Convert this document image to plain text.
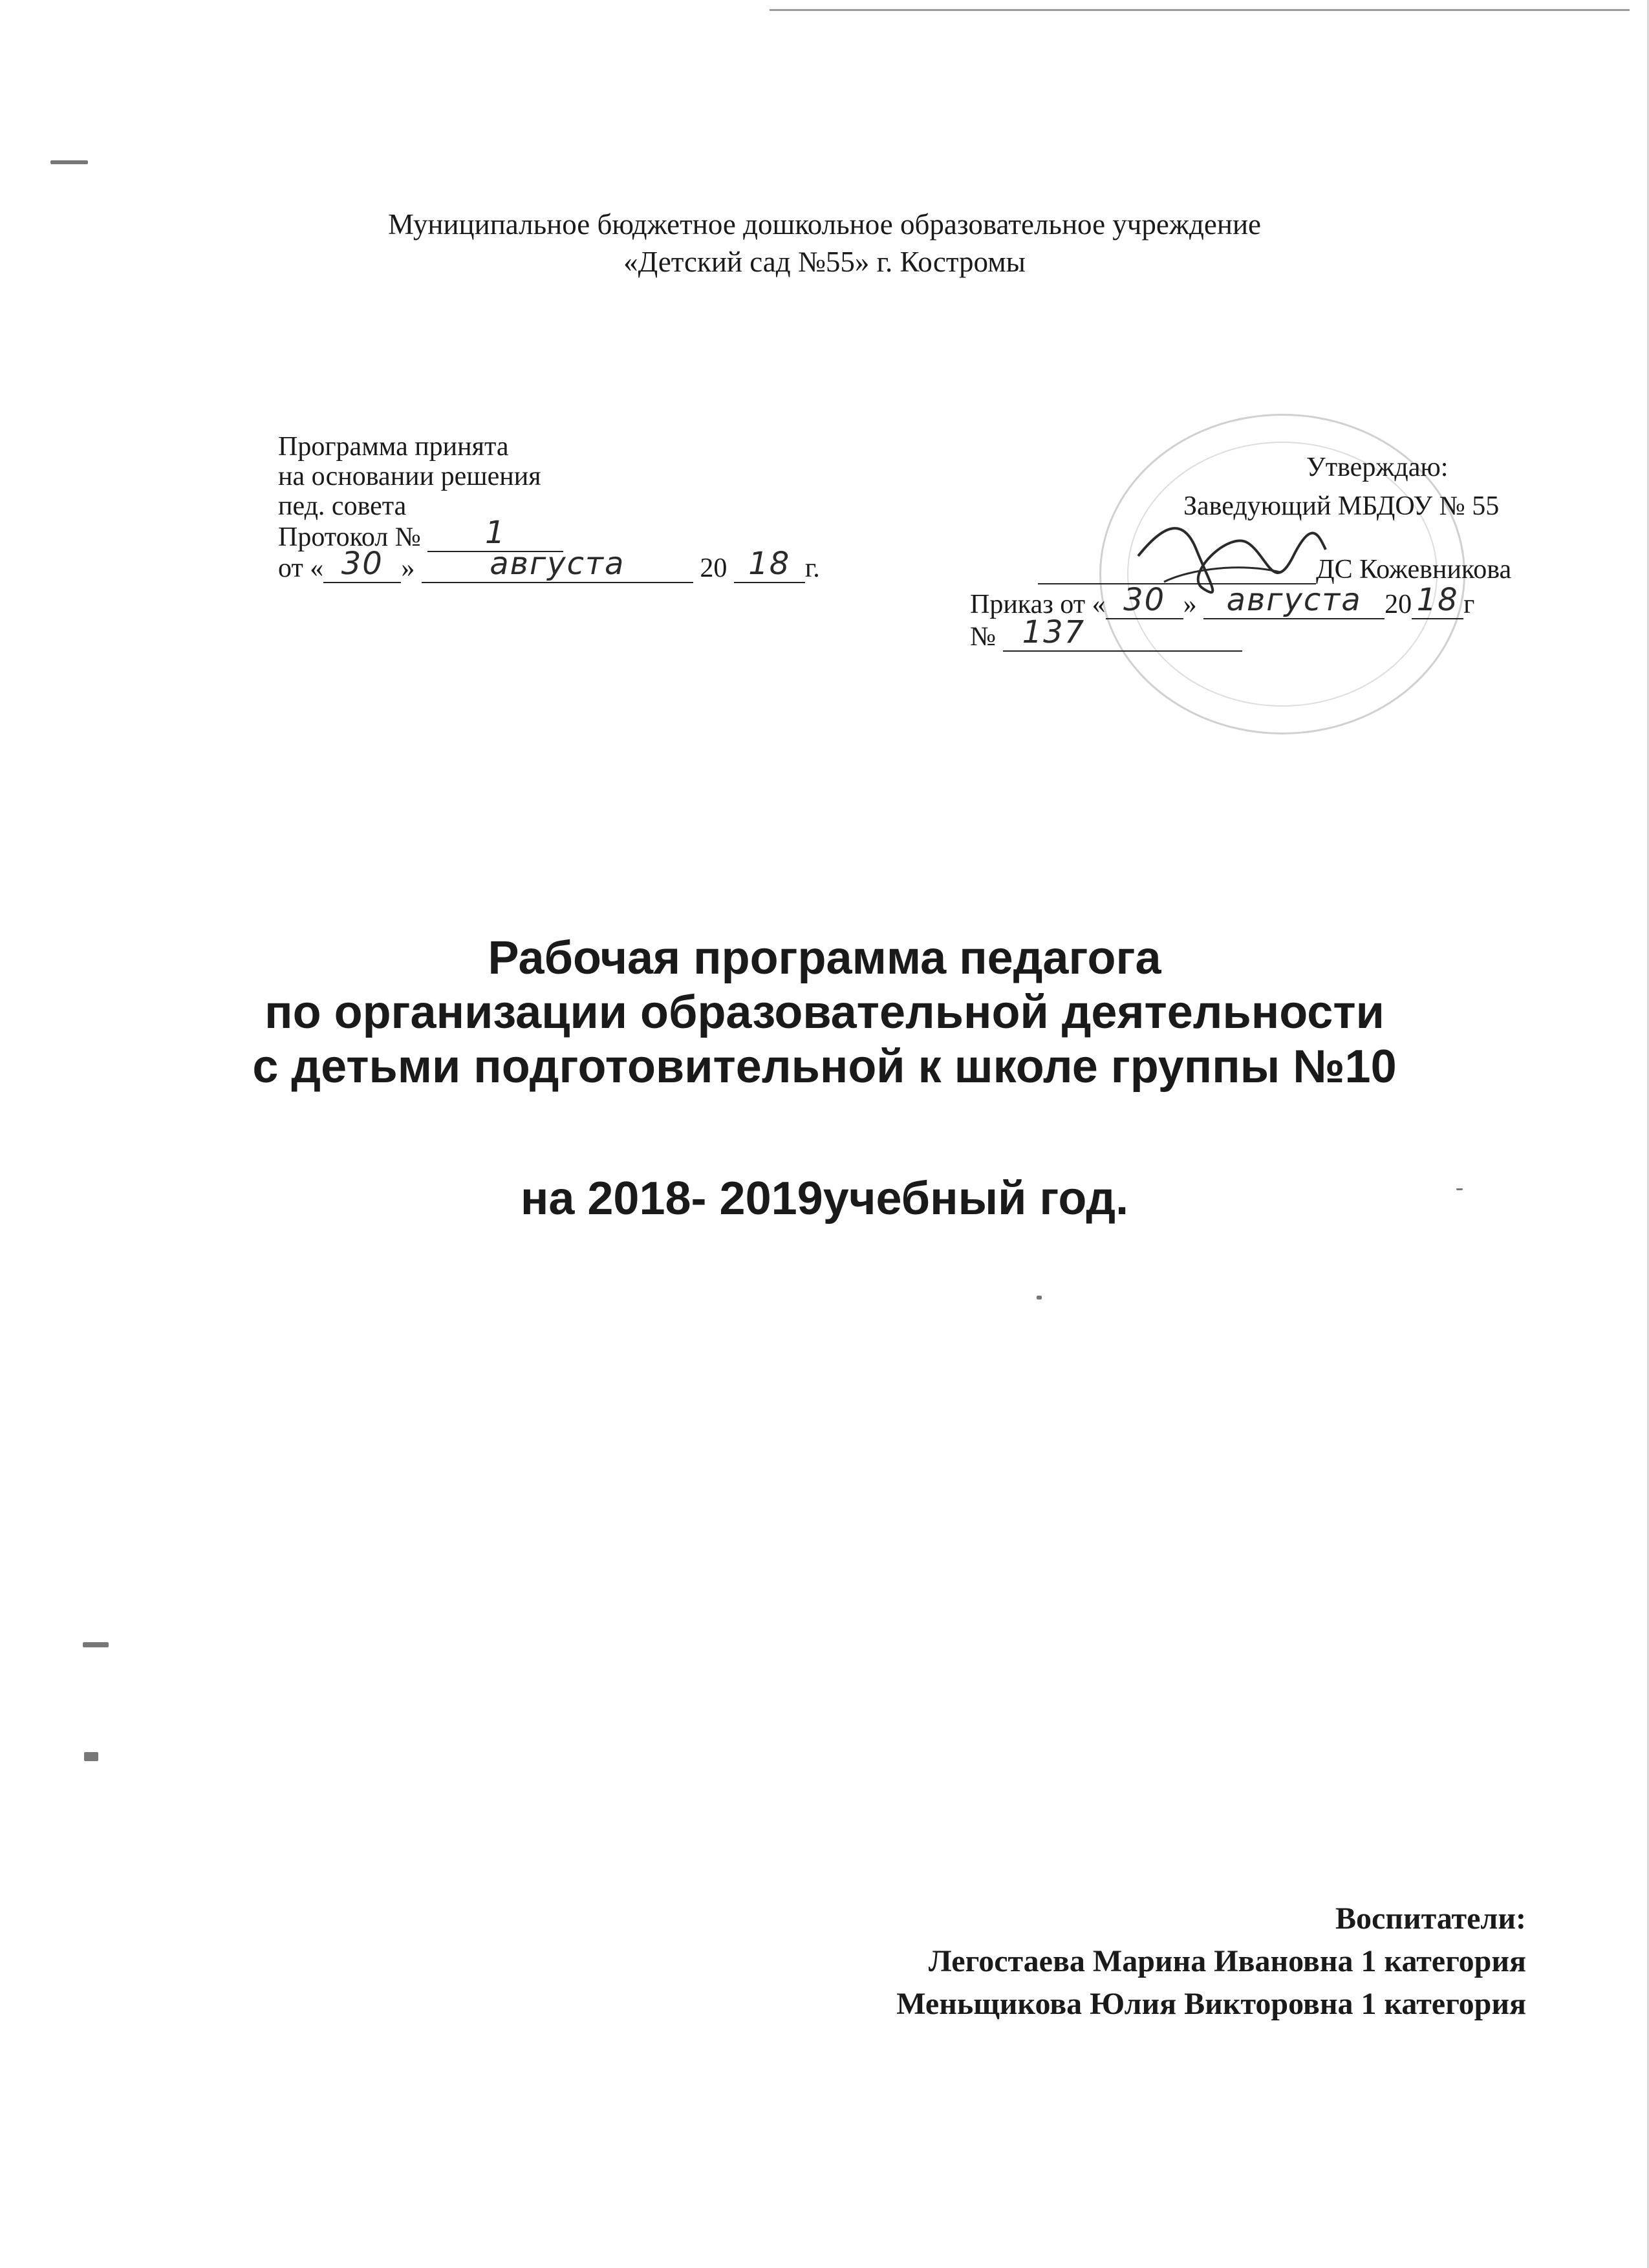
Муниципальное бюджетное дошкольное образовательное учреждение
«Детский сад №55» г. Костромы
Программа принята
на основании решения
пед. совета
Протокол №	1
от « 30 »	августа	20 18 г.
Утверждаю:
Заведующий МБДОУ № 55
ДС Кожевникова
Приказ от « 30 » августа 20 18 г
№ 137
Рабочая программа педагога
по организации образовательной деятельности
с детьми подготовительной к школе группы №10
на 2018- 2019учебный год.
Воспитатели:
Легостаева Марина Ивановна 1 категория
Меньщикова Юлия Викторовна 1 категория
